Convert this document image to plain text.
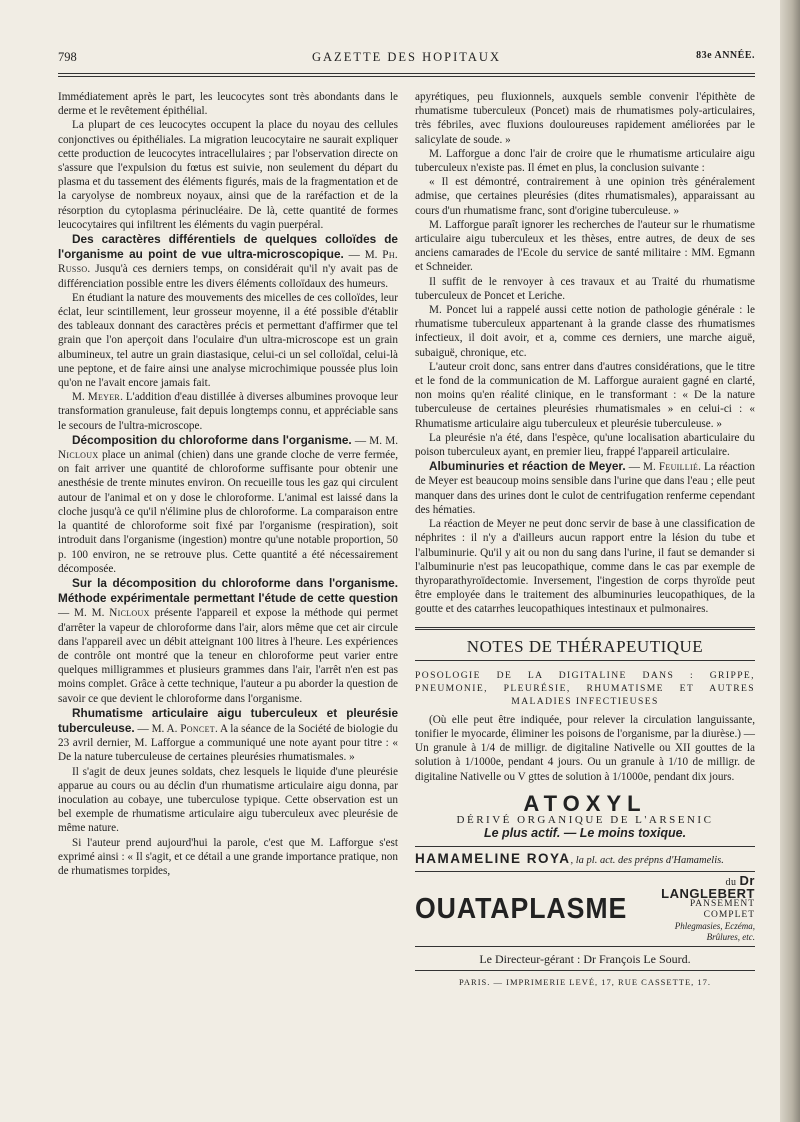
798	GAZETTE DES HOPITAUX	83e ANNÉE.

Immédiatement après le part, les leucocytes sont très abondants dans le derme et le revêtement épithélial.

La plupart de ces leucocytes occupent la place du noyau des cellules conjonctives ou épithéliales. La migration leucocytaire ne saurait expliquer cette production de leucocytes intracellulaires ; par l'observation directe on s'assure que l'expulsion du fœtus est suivie, non seulement du départ du plasma et du tassement des éléments figurés, mais de la fragmentation et de la caryolyse de nombreux noyaux, ainsi que de la raréfaction et de la résorption du cytoplasma périnucléaire. De là, cette quantité de formes leucocytaires qui infiltrent les éléments du vagin puerpéral.

Des caractères différentiels de quelques colloïdes de l'organisme au point de vue ultra-microscopique. — M. Ph. Russo. Jusqu'à ces derniers temps, on considérait qu'il n'y avait pas de différenciation possible entre les divers éléments colloïdaux des humeurs.

En étudiant la nature des mouvements des micelles de ces colloïdes, leur éclat, leur scintillement, leur grosseur moyenne, il a été possible d'établir des tableaux donnant des caractères précis et permettant d'affirmer que tel grain que l'on aperçoit dans l'oculaire d'un ultra-microscope est un grain albumineux, tel autre un grain diastasique, celui-ci un sel colloïdal, celui-là une peptone, et de faire ainsi une analyse microchimique poussée plus loin qu'on ne l'avait encore jamais fait.

M. Meyer. L'addition d'eau distillée à diverses albumines provoque leur transformation granuleuse, fait depuis longtemps connu, et appréciable sans le secours de l'ultra-microscope.

Décomposition du chloroforme dans l'organisme. — M. M. Nicloux place un animal (chien) dans une grande cloche de verre fermée, on fait arriver une quantité de chloroforme suffisante pour obtenir une anesthésie de trente minutes environ. On recueille tous les gaz qui circulent autour de l'animal et on y dose le chloroforme. L'animal est laissé dans la cloche jusqu'à ce qu'il n'élimine plus de chloroforme. La comparaison entre la quantité de chloroforme soit fixé par l'organisme (respiration), soit introduit dans l'organisme (ingestion) montre qu'une notable proportion, 50 p. 100 environ, ne se retrouve plus. Cette quantité a été nécessairement décomposée.

Sur la décomposition du chloroforme dans l'organisme. Méthode expérimentale permettant l'étude de cette question — M. M. Nicloux présente l'appareil et expose la méthode qui permet d'arrêter la vapeur de chloroforme dans l'air, alors même que cet air circule dans l'appareil avec un débit atteignant 100 litres à l'heure. Les expériences de contrôle ont montré que la teneur en chloroforme peut varier entre quelques milligrammes et plusieurs grammes dans l'air, l'arrêt n'en est pas moins complet. Grâce à cette technique, l'auteur a pu aborder la question de savoir ce que devient le chloroforme dans l'organisme.

Rhumatisme articulaire aigu tuberculeux et pleurésie tuberculeuse. — M. A. Poncet. A la séance de la Société de biologie du 23 avril dernier, M. Lafforgue a communiqué une note ayant pour titre : « De la nature tuberculeuse de certaines pleurésies rhumatismales. »

Il s'agit de deux jeunes soldats, chez lesquels le liquide d'une pleurésie apparue au cours ou au déclin d'un rhumatisme articulaire aigu donna, par inoculation au cobaye, une tuberculose typique. Cette observation est un bel exemple de rhumatisme articulaire aigu tuberculeux avec pleurésie de même nature.

Si l'auteur prend aujourd'hui la parole, c'est que M. Lafforgue s'est exprimé ainsi : « Il s'agit, et ce détail a une grande importance pratique, non de rhumatismes torpides,

apyrétiques, peu fluxionnels, auxquels semble convenir l'épithète de rhumatisme tuberculeux (Poncet) mais de rhumatismes poly-articulaires, très fébriles, avec fluxions douloureuses rapidement améliorées par le salicylate de soude. »

M. Lafforgue a donc l'air de croire que le rhumatisme articulaire aigu tuberculeux n'existe pas. Il émet en plus, la conclusion suivante :

« Il est démontré, contrairement à une opinion très généralement admise, que certaines pleurésies (dites rhumatismales), apparaissant au cours d'un rhumatisme franc, sont d'origine tuberculeuse. »

M. Lafforgue paraît ignorer les recherches de l'auteur sur le rhumatisme articulaire aigu tuberculeux et les thèses, entre autres, de deux de ses anciens camarades de l'Ecole du service de santé militaire : MM. Egmann et Schneider.

Il suffit de le renvoyer à ces travaux et au Traité du rhumatisme tuberculeux de Poncet et Leriche.

M. Poncet lui a rappelé aussi cette notion de pathologie générale : le rhumatisme tuberculeux appartenant à la grande classe des rhumatismes infectieux, il doit avoir, et a, comme ces derniers, une marche aiguë, subaiguë, chronique, etc.

L'auteur croit donc, sans entrer dans d'autres considérations, que le titre et le fond de la communication de M. Lafforgue auraient gagné en clarté, non moins qu'en réalité clinique, en le transformant : « De la nature tuberculeuse de certaines pleurésies rhumatismales » en celui-ci : « Rhumatisme articulaire aigu tuberculeux et pleurésie tuberculeuse. »

La pleurésie n'a été, dans l'espèce, qu'une localisation abarticulaire du poison tuberculeux ayant, en premier lieu, frappé l'appareil articulaire.

Albuminuries et réaction de Meyer. — M. Feuillié. La réaction de Meyer est beaucoup moins sensible dans l'urine que dans l'eau ; elle peut manquer dans des urines dont le culot de centrifugation renferme cependant des hématies.

La réaction de Meyer ne peut donc servir de base à une classification de néphrites : il n'y a d'ailleurs aucun rapport entre la lésion du tube et l'albuminurie. Qu'il y ait ou non du sang dans l'urine, il faut se demander si l'albuminurie n'est pas leucopathique, comme dans le cas par exemple de thyroparathyroïdectomie. Inversement, l'ingestion de corps thyroïde peut être employée dans le traitement des albuminuries leucopathiques, de la goutte et des catarrhes leucopathiques intestinaux et pulmonaires.

NOTES DE THÉRAPEUTIQUE
POSOLOGIE DE LA DIGITALINE DANS : GRIPPE, PNEUMONIE, PLEURÉSIE, RHUMATISME ET AUTRES MALADIES INFECTIEUSES

(Où elle peut être indiquée, pour relever la circulation languissante, tonifier le myocarde, éliminer les poisons de l'organisme, par la diurèse.) — Un granule à 1/4 de milligr. de digitaline Nativelle ou XII gouttes de la solution à 1/1000e, pendant 4 jours. Ou un granule à 1/10 de milligr. de digitaline Nativelle ou V gttes de solution à 1/1000e, pendant dix jours.

ATOXYL
DÉRIVÉ ORGANIQUE DE L'ARSENIC
Le plus actif. — Le moins toxique.
HAMAMELINE ROYA, la pl. act. des prépns d'Hamamelis.
OUATAPLASME
du Dr LANGLEBERT
PANSEMENT COMPLET
Phlegmasies, Eczéma, Brûlures, etc.
Le Directeur-gérant : Dr François Le Sourd.
PARIS. — IMPRIMERIE LEVÉ, 17, RUE CASSETTE, 17.
